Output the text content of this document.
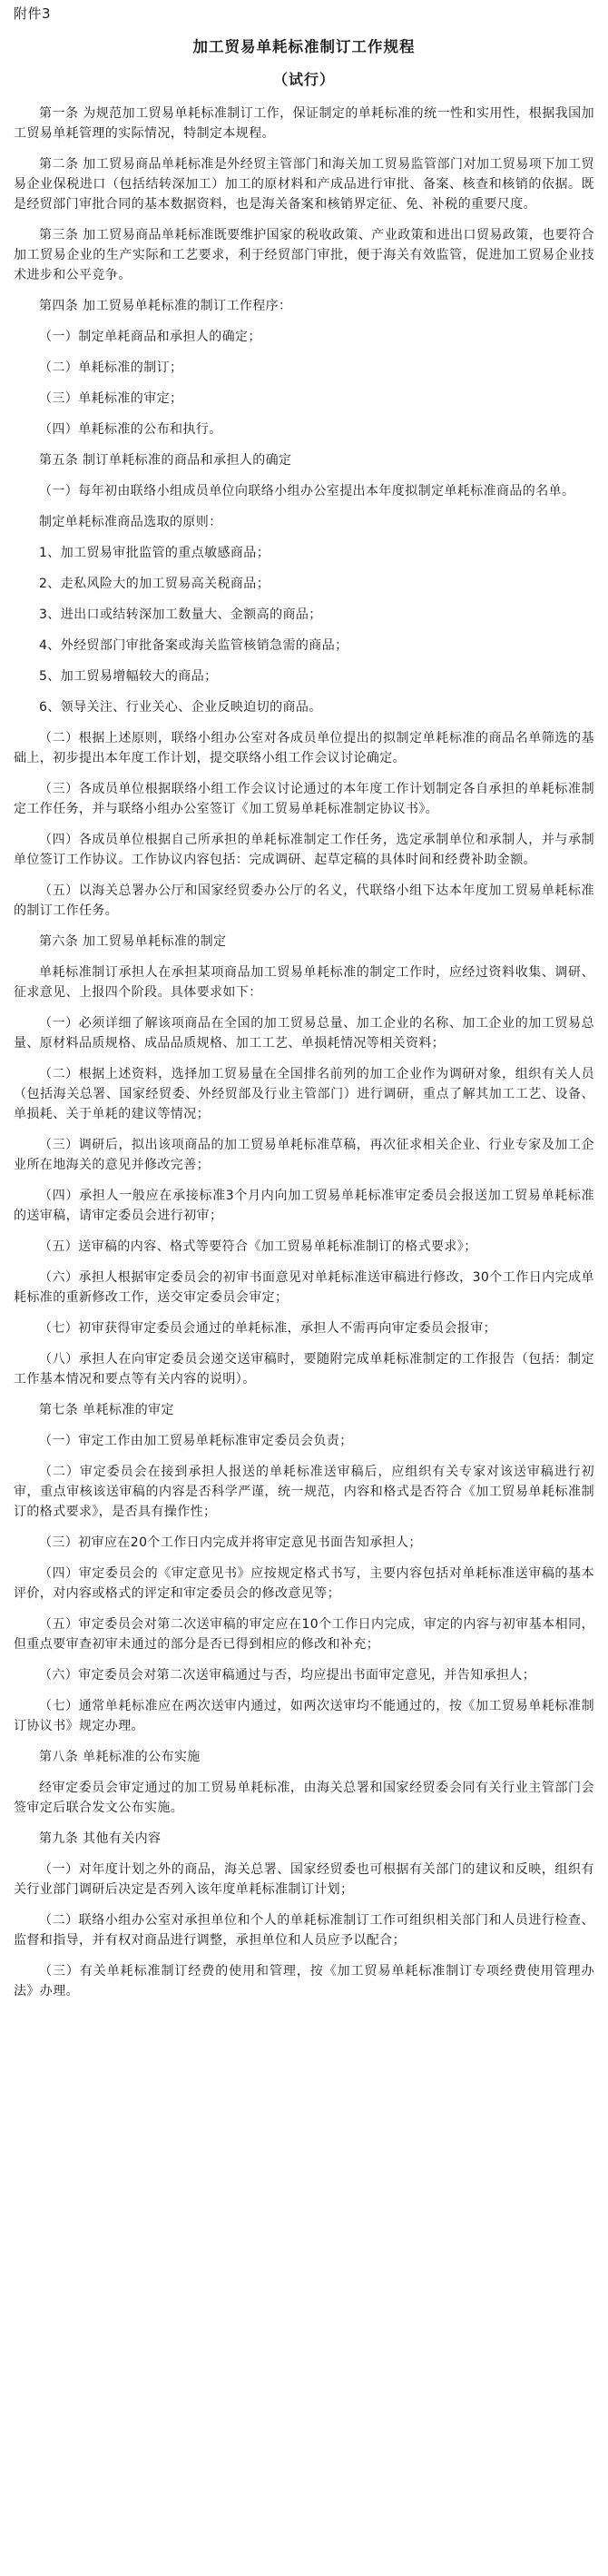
附件3
加工贸易单耗标准制订工作规程
（试行）
第一条 为规范加工贸易单耗标准制订工作，保证制定的单耗标准的统一性和实用性，根据我国加工贸易单耗管理的实际情况，特制定本规程。
第二条 加工贸易商品单耗标准是外经贸主管部门和海关加工贸易监管部门对加工贸易项下加工贸易企业保税进口（包括结转深加工）加工的原材料和产成品进行审批、备案、核查和核销的依据。既是经贸部门审批合同的基本数据资料，也是海关备案和核销界定征、免、补税的重要尺度。
第三条 加工贸易商品单耗标准既要维护国家的税收政策、产业政策和进出口贸易政策，也要符合加工贸易企业的生产实际和工艺要求，利于经贸部门审批，便于海关有效监管，促进加工贸易企业技术进步和公平竞争。
第四条 加工贸易单耗标准的制订工作程序：
（一）制定单耗商品和承担人的确定；
（二）单耗标准的制订；
（三）单耗标准的审定；
（四）单耗标准的公布和执行。
第五条 制订单耗标准的商品和承担人的确定
（一）每年初由联络小组成员单位向联络小组办公室提出本年度拟制定单耗标准商品的名单。
制定单耗标准商品选取的原则：
1、加工贸易审批监管的重点敏感商品；
2、走私风险大的加工贸易高关税商品；
3、进出口或结转深加工数量大、金额高的商品；
4、外经贸部门审批备案或海关监管核销急需的商品；
5、加工贸易增幅较大的商品；
6、领导关注、行业关心、企业反映迫切的商品。
（二）根据上述原则，联络小组办公室对各成员单位提出的拟制定单耗标准的商品名单筛选的基础上，初步提出本年度工作计划，提交联络小组工作会议讨论确定。
（三）各成员单位根据联络小组工作会议讨论通过的本年度工作计划制定各自承担的单耗标准制定工作任务，并与联络小组办公室签订《加工贸易单耗标准制定协议书》。
（四）各成员单位根据自己所承担的单耗标准制定工作任务，选定承制单位和承制人，并与承制单位签订工作协议。工作协议内容包括：完成调研、起草定稿的具体时间和经费补助金额。
（五）以海关总署办公厅和国家经贸委办公厅的名义，代联络小组下达本年度加工贸易单耗标准的制订工作任务。
第六条 加工贸易单耗标准的制定
单耗标准制订承担人在承担某项商品加工贸易单耗标准的制定工作时，应经过资料收集、调研、征求意见、上报四个阶段。具体要求如下：
（一）必须详细了解该项商品在全国的加工贸易总量、加工企业的名称、加工企业的加工贸易总量、原材料品质规格、成品品质规格、加工工艺、单损耗情况等相关资料；
（二）根据上述资料，选择加工贸易量在全国排名前列的加工企业作为调研对象，组织有关人员（包括海关总署、国家经贸委、外经贸部及行业主管部门）进行调研，重点了解其加工工艺、设备、单损耗、关于单耗的建议等情况；
（三）调研后，拟出该项商品的加工贸易单耗标准草稿，再次征求相关企业、行业专家及加工企业所在地海关的意见并修改完善；
（四）承担人一般应在承接标准3个月内向加工贸易单耗标准审定委员会报送加工贸易单耗标准的送审稿，请审定委员会进行初审；
（五）送审稿的内容、格式等要符合《加工贸易单耗标准制订的格式要求》；
（六）承担人根据审定委员会的初审书面意见对单耗标准送审稿进行修改，30个工作日内完成单耗标准的重新修改工作，送交审定委员会审定；
（七）初审获得审定委员会通过的单耗标准，承担人不需再向审定委员会报审；
（八）承担人在向审定委员会递交送审稿时，要随附完成单耗标准制定的工作报告（包括：制定工作基本情况和要点等有关内容的说明）。
第七条 单耗标准的审定
（一）审定工作由加工贸易单耗标准审定委员会负责；
（二）审定委员会在接到承担人报送的单耗标准送审稿后，应组织有关专家对该送审稿进行初审，重点审核该送审稿的内容是否科学严谨，统一规范，内容和格式是否符合《加工贸易单耗标准制订的格式要求》，是否具有操作性；
（三）初审应在20个工作日内完成并将审定意见书面告知承担人；
（四）审定委员会的《审定意见书》应按规定格式书写，主要内容包括对单耗标准送审稿的基本评价，对内容或格式的评定和审定委员会的修改意见等；
（五）审定委员会对第二次送审稿的审定应在10个工作日内完成，审定的内容与初审基本相同，但重点要审查初审未通过的部分是否已得到相应的修改和补充；
（六）审定委员会对第二次送审稿通过与否，均应提出书面审定意见，并告知承担人；
（七）通常单耗标准应在两次送审内通过，如两次送审均不能通过的，按《加工贸易单耗标准制订协议书》规定办理。
第八条 单耗标准的公布实施
经审定委员会审定通过的加工贸易单耗标准，由海关总署和国家经贸委会同有关行业主管部门会签审定后联合发文公布实施。
第九条 其他有关内容
（一）对年度计划之外的商品，海关总署、国家经贸委也可根据有关部门的建议和反映，组织有关行业部门调研后决定是否列入该年度单耗标准制订计划；
（二）联络小组办公室对承担单位和个人的单耗标准制订工作可组织相关部门和人员进行检查、监督和指导，并有权对商品进行调整，承担单位和人员应予以配合；
（三）有关单耗标准制订经费的使用和管理，按《加工贸易单耗标准制订专项经费使用管理办法》办理。
